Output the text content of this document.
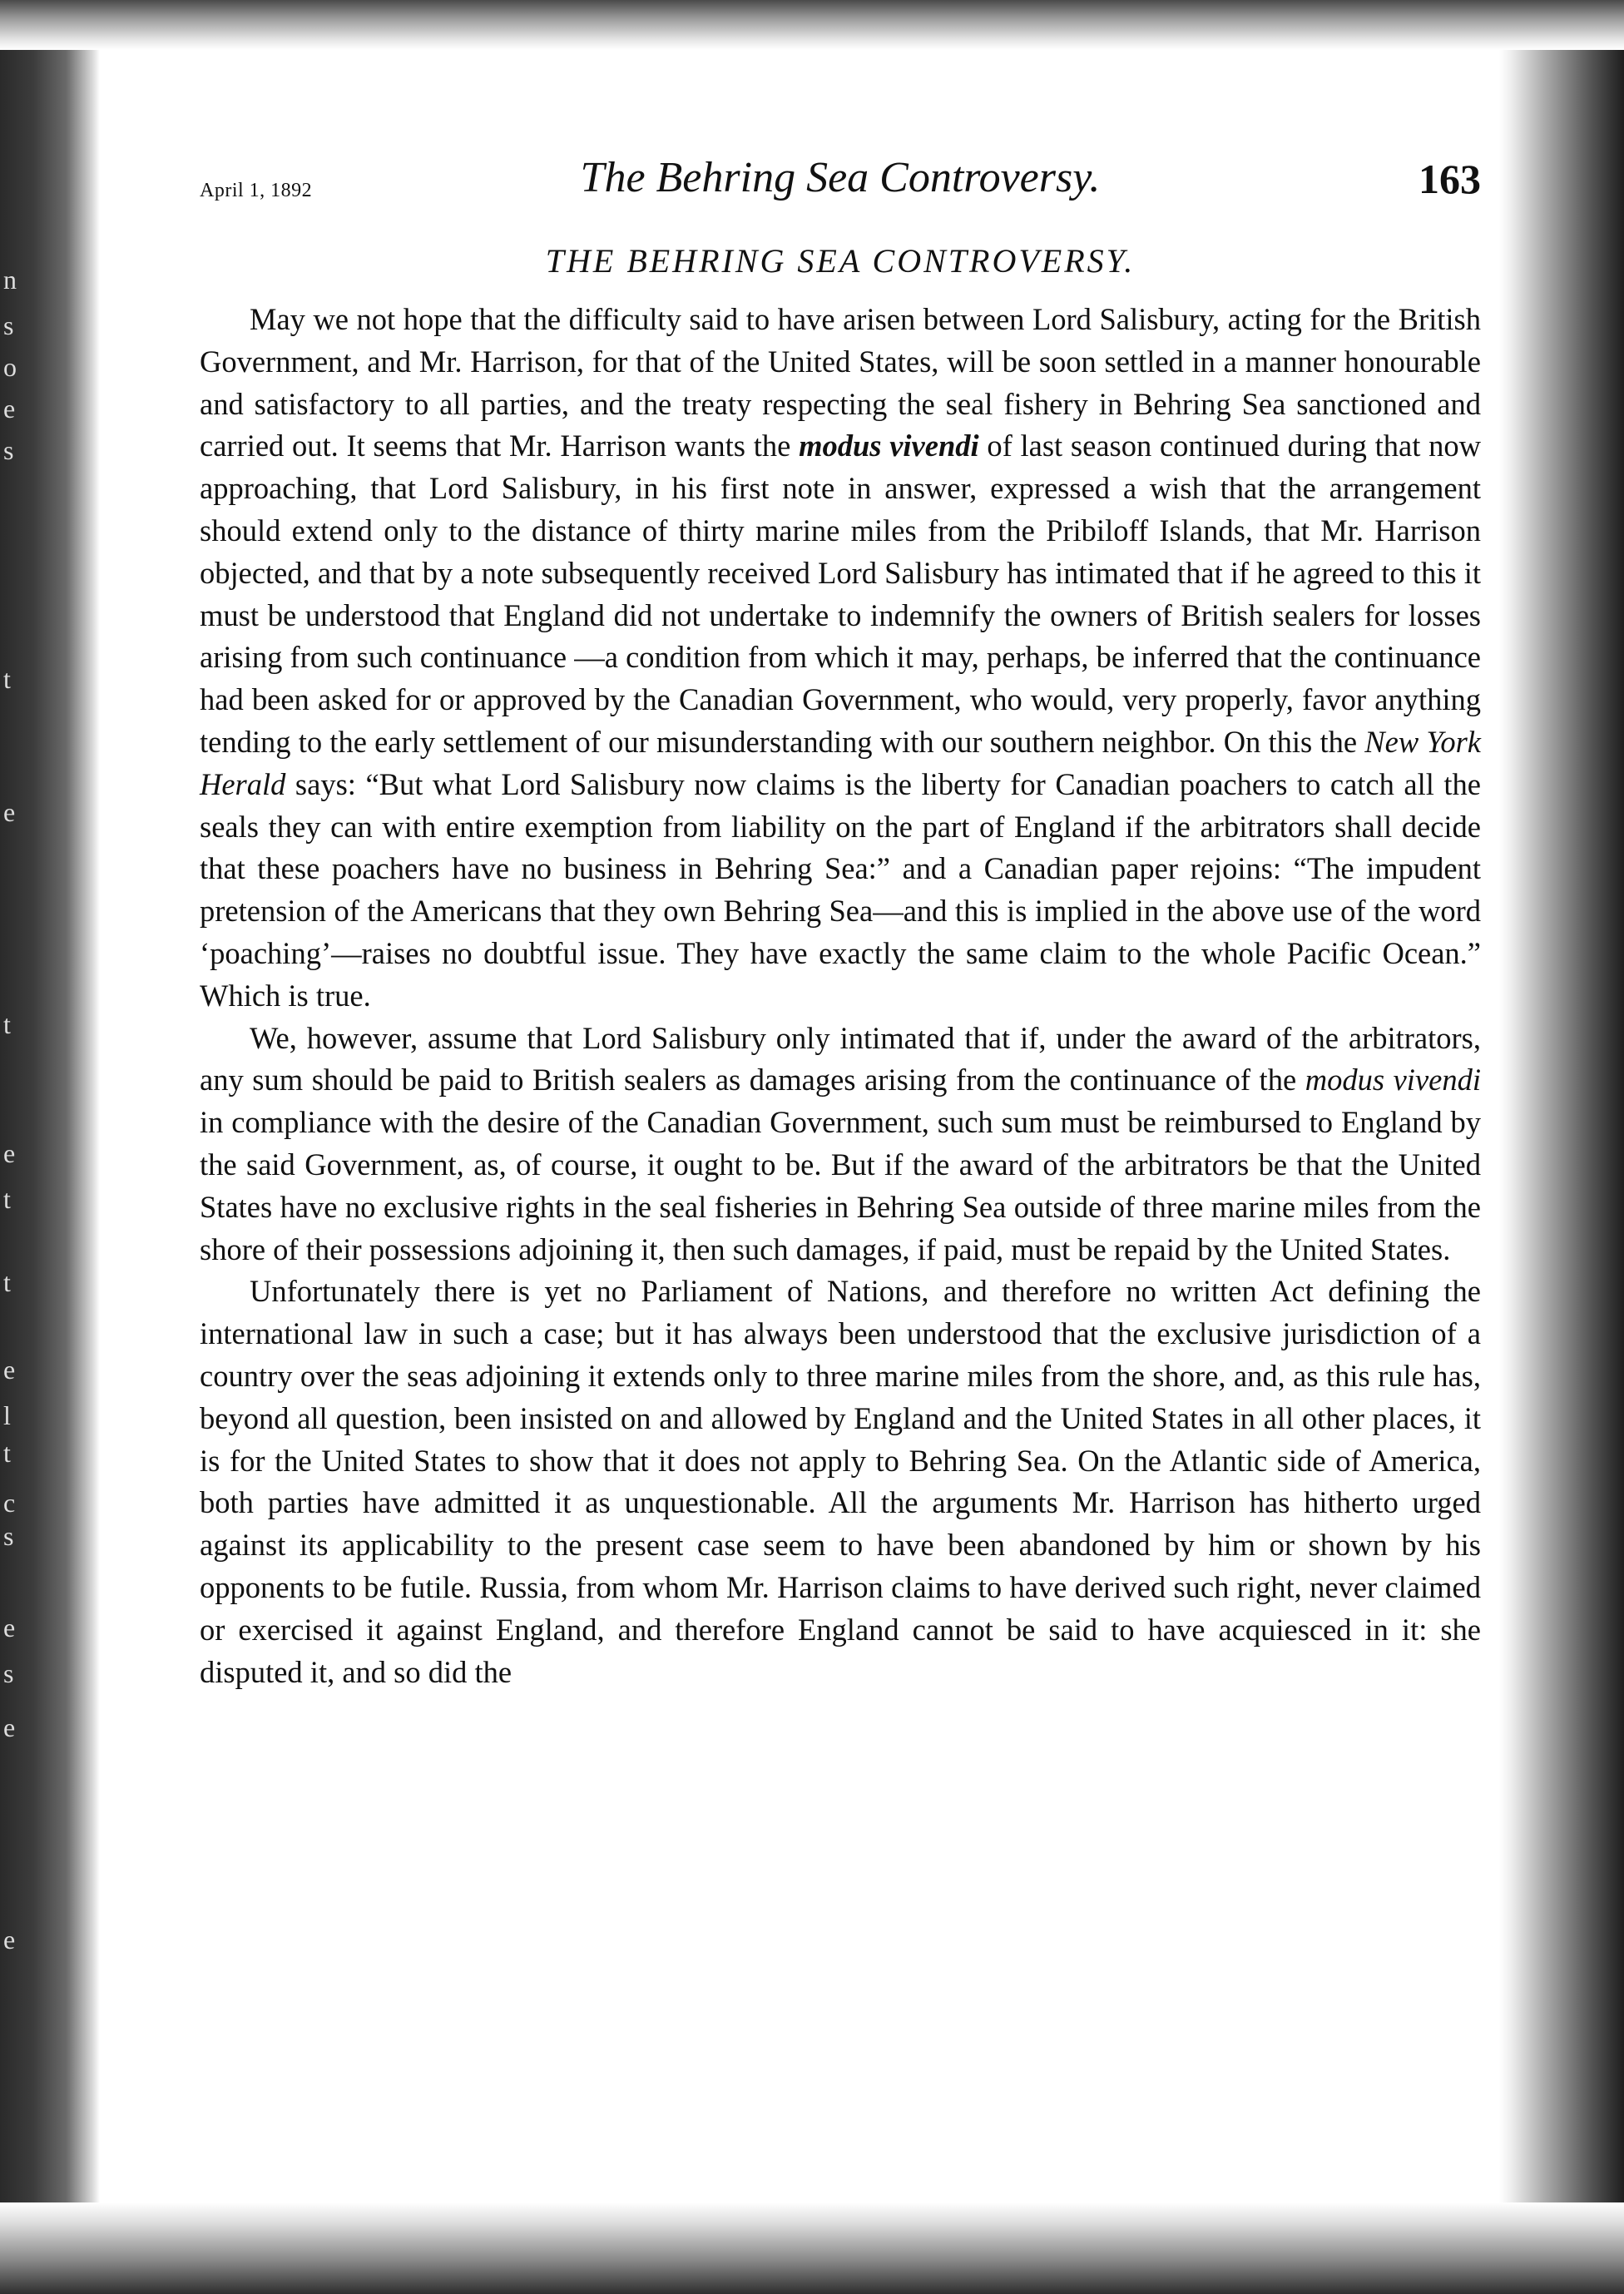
n
s
o
e
s
t
e
t
e
t
t
e
l
t
c
s
e
s
e
e
April 1, 1892	The Behring Sea Controversy.	163
THE BEHRING SEA CONTROVERSY.

May we not hope that the difficulty said to have arisen between Lord Salisbury, acting for the British Government, and Mr. Harrison, for that of the United States, will be soon settled in a manner honourable and satisfactory to all parties, and the treaty respecting the seal fishery in Behring Sea sanctioned and carried out. It seems that Mr. Harrison wants the modus vivendi of last season continued during that now approaching, that Lord Salisbury, in his first note in answer, expressed a wish that the arrangement should extend only to the distance of thirty marine miles from the Pribiloff Islands, that Mr. Harrison objected, and that by a note subsequently received Lord Salisbury has intimated that if he agreed to this it must be understood that England did not undertake to indemnify the owners of British sealers for losses arising from such continuance —a condition from which it may, perhaps, be inferred that the continuance had been asked for or approved by the Canadian Government, who would, very properly, favor anything tending to the early settlement of our misunderstanding with our southern neighbor. On this the New York Herald says: “But what Lord Salisbury now claims is the liberty for Canadian poachers to catch all the seals they can with entire exemption from liability on the part of England if the arbitrators shall decide that these poachers have no business in Behring Sea:” and a Canadian paper rejoins: “The impudent pretension of the Americans that they own Behring Sea—and this is implied in the above use of the word ‘poaching’—raises no doubtful issue. They have exactly the same claim to the whole Pacific Ocean.” Which is true.

We, however, assume that Lord Salisbury only intimated that if, under the award of the arbitrators, any sum should be paid to British sealers as damages arising from the continuance of the modus vivendi in compliance with the desire of the Canadian Government, such sum must be reimbursed to England by the said Government, as, of course, it ought to be. But if the award of the arbitrators be that the United States have no exclusive rights in the seal fisheries in Behring Sea outside of three marine miles from the shore of their possessions adjoining it, then such damages, if paid, must be repaid by the United States.

Unfortunately there is yet no Parliament of Nations, and therefore no written Act defining the international law in such a case; but it has always been understood that the exclusive jurisdiction of a country over the seas adjoining it extends only to three marine miles from the shore, and, as this rule has, beyond all question, been insisted on and allowed by England and the United States in all other places, it is for the United States to show that it does not apply to Behring Sea. On the Atlantic side of America, both parties have admitted it as unquestionable. All the arguments Mr. Harrison has hitherto urged against its applicability to the present case seem to have been abandoned by him or shown by his opponents to be futile. Russia, from whom Mr. Harrison claims to have derived such right, never claimed or exercised it against England, and therefore England cannot be said to have acquiesced in it: she disputed it, and so did the
